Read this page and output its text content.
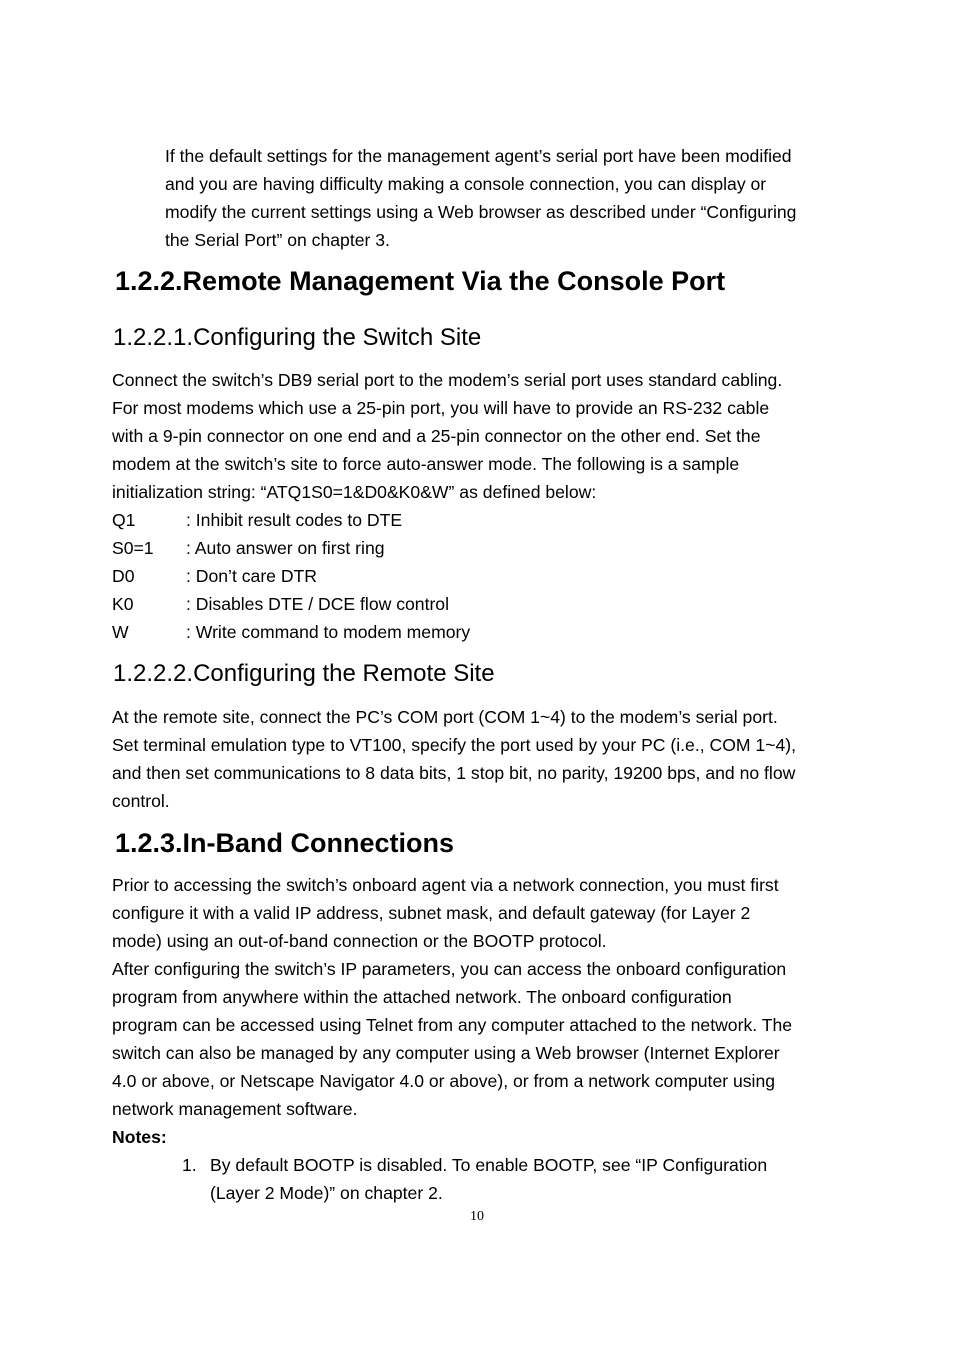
If the default settings for the management agent’s serial port have been modified
and you are having difficulty making a console connection, you can display or
modify the current settings using a Web browser as described under “Configuring
the Serial Port” on chapter 3.

1.2.2.Remote Management Via the Console Port
1.2.2.1.Configuring the Switch Site

Connect the switch’s DB9 serial port to the modem’s serial port uses standard cabling.
For most modems which use a 25-pin port, you will have to provide an RS-232 cable
with a 9-pin connector on one end and a 25-pin connector on the other end. Set the
modem at the switch’s site to force auto-answer mode. The following is a sample
initialization string: “ATQ1S0=1&D0&K0&W” as defined below:

Q1	: Inhibit result codes to DTE
S0=1 : Auto answer on first ring
D0	: Don’t care DTR
K0	: Disables DTE / DCE flow control
W	: Write command to modem memory
1.2.2.2.Configuring the Remote Site

At the remote site, connect the PC’s COM port (COM 1~4) to the modem’s serial port.
Set terminal emulation type to VT100, specify the port used by your PC (i.e., COM 1~4),
and then set communications to 8 data bits, 1 stop bit, no parity, 19200 bps, and no flow
control.

1.2.3.In-Band Connections

Prior to accessing the switch’s onboard agent via a network connection, you must first
configure it with a valid IP address, subnet mask, and default gateway (for Layer 2
mode) using an out-of-band connection or the BOOTP protocol.

After configuring the switch’s IP parameters, you can access the onboard configuration
program from anywhere within the attached network. The onboard configuration
program can be accessed using Telnet from any computer attached to the network. The
switch can also be managed by any computer using a Web browser (Internet Explorer
4.0 or above, or Netscape Navigator 4.0 or above), or from a network computer using
network management software.

Notes:
1. By default BOOTP is disabled. To enable BOOTP, see “IP Configuration
(Layer 2 Mode)” on chapter 2.
10
